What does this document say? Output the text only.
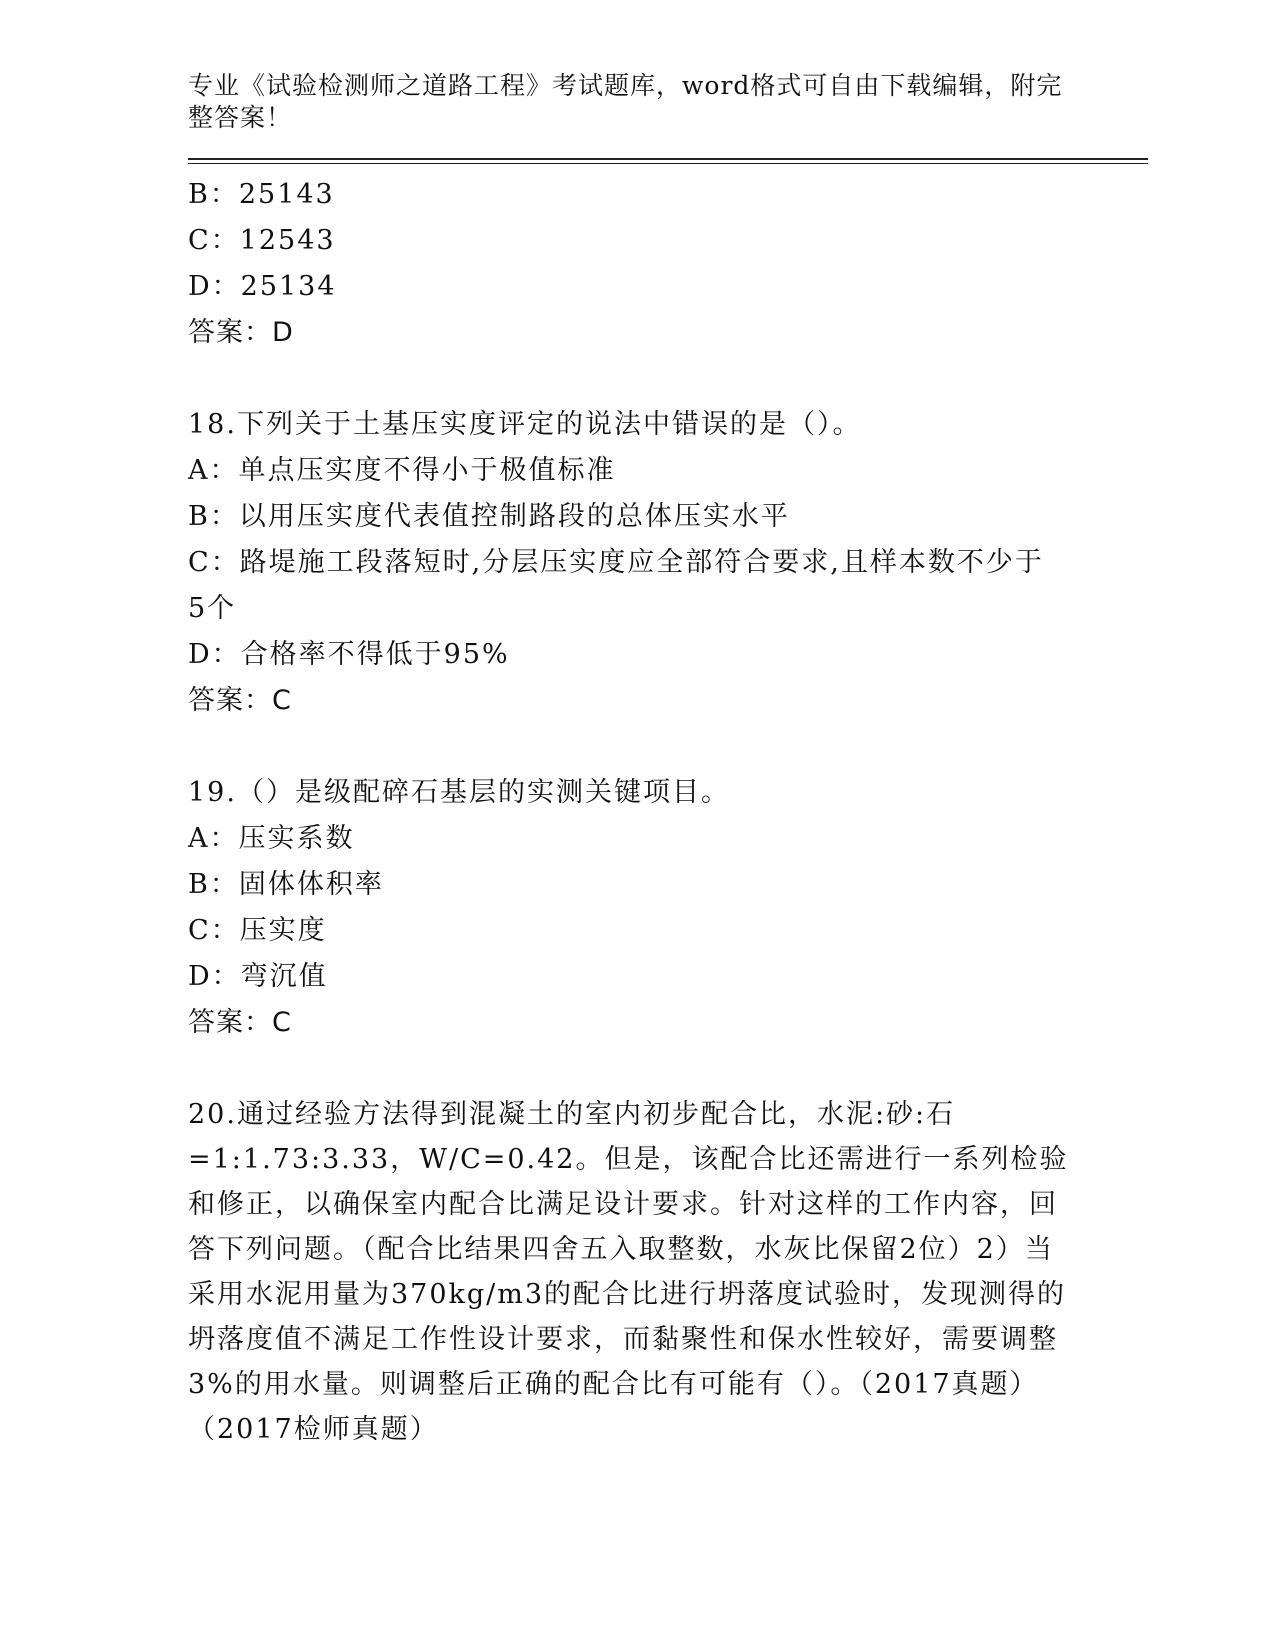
专业《试验检测师之道路工程》考试题库，word格式可自由下载编辑，附完整答案！

B：25143

C：12543

D：25134

答案：D

18.下列关于土基压实度评定的说法中错误的是（）。

A：单点压实度不得小于极值标准

B：以用压实度代表值控制路段的总体压实水平

C：路堤施工段落短时,分层压实度应全部符合要求,且样本数不少于5个

D：合格率不得低于95%

答案：C

19.（）是级配碎石基层的实测关键项目。

A：压实系数

B：固体体积率

C：压实度

D：弯沉值

答案：C

20.通过经验方法得到混凝土的室内初步配合比，水泥:砂:石=1:1.73:3.33，W/C=0.42。但是，该配合比还需进行一系列检验和修正，以确保室内配合比满足设计要求。针对这样的工作内容，回答下列问题。（配合比结果四舍五入取整数，水灰比保留2位）2）当采用水泥用量为370kg/m3的配合比进行坍落度试验时，发现测得的坍落度值不满足工作性设计要求，而黏聚性和保水性较好，需要调整3%的用水量。则调整后正确的配合比有可能有（）。（2017真题）（2017检师真题）
